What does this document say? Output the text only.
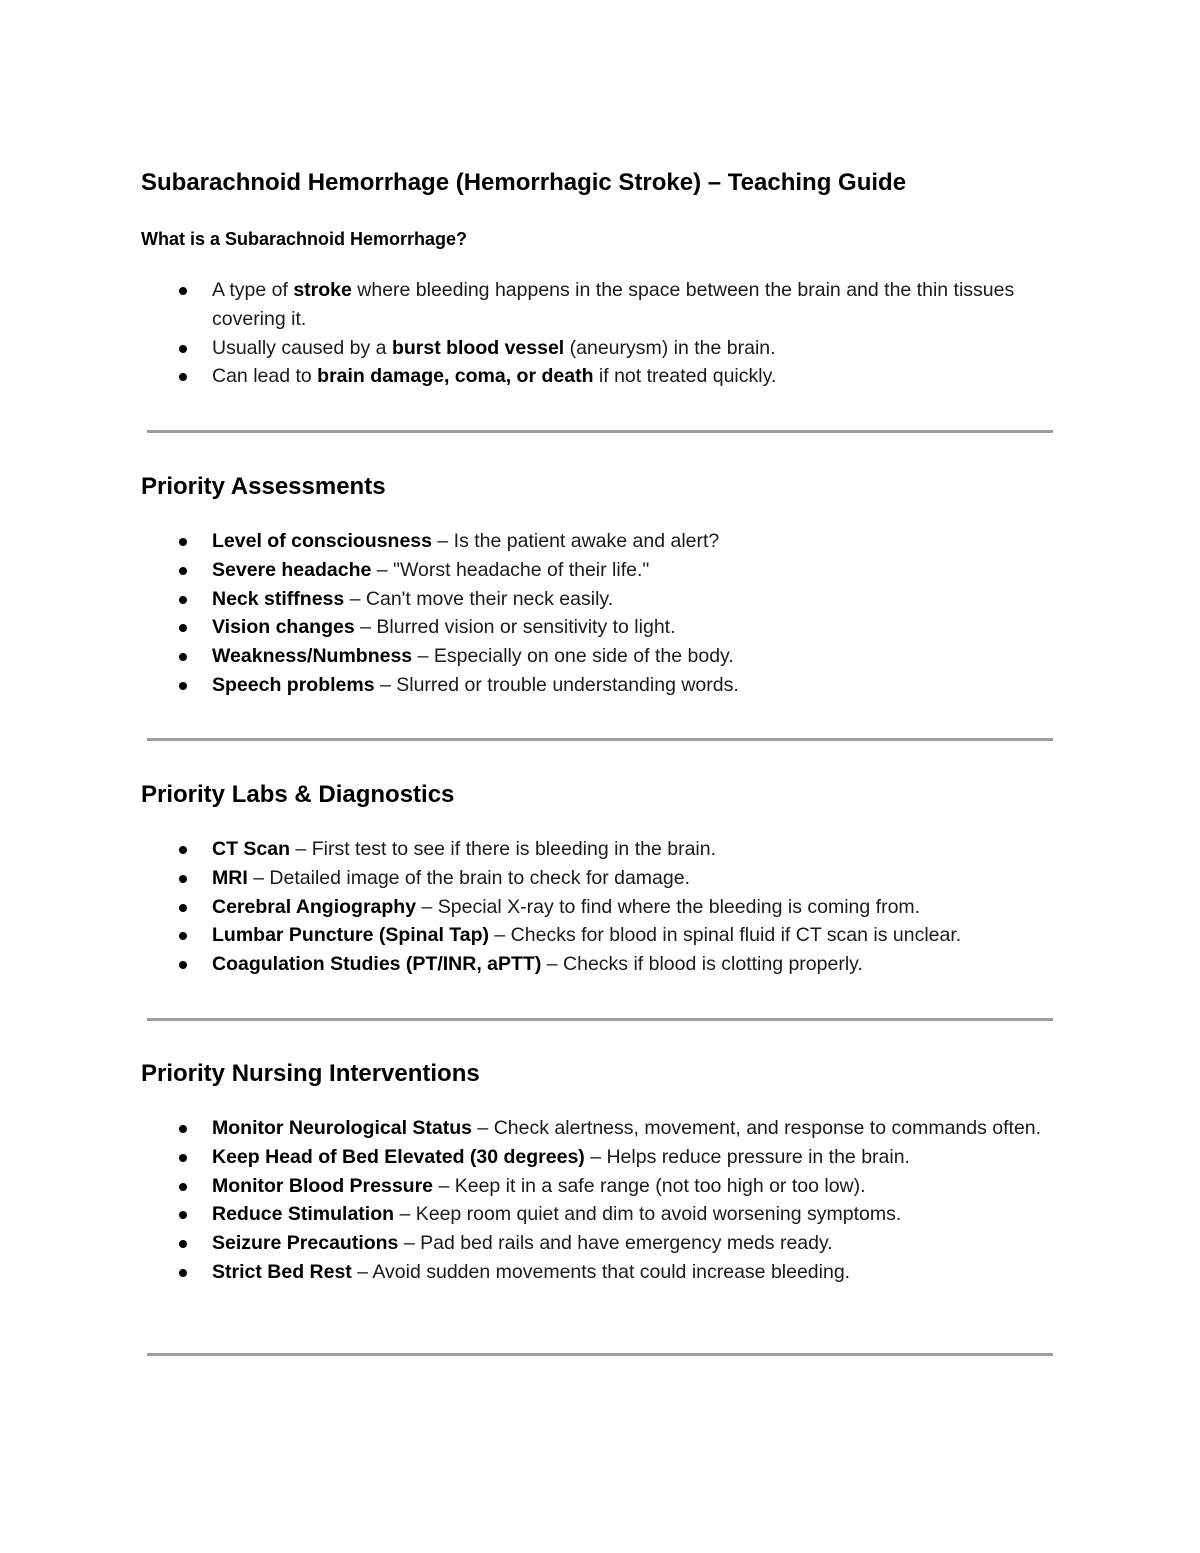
Subarachnoid Hemorrhage (Hemorrhagic Stroke) – Teaching Guide
What is a Subarachnoid Hemorrhage?
A type of stroke where bleeding happens in the space between the brain and the thin tissues covering it.
Usually caused by a burst blood vessel (aneurysm) in the brain.
Can lead to brain damage, coma, or death if not treated quickly.
Priority Assessments
Level of consciousness – Is the patient awake and alert?
Severe headache – "Worst headache of their life."
Neck stiffness – Can't move their neck easily.
Vision changes – Blurred vision or sensitivity to light.
Weakness/Numbness – Especially on one side of the body.
Speech problems – Slurred or trouble understanding words.
Priority Labs & Diagnostics
CT Scan – First test to see if there is bleeding in the brain.
MRI – Detailed image of the brain to check for damage.
Cerebral Angiography – Special X-ray to find where the bleeding is coming from.
Lumbar Puncture (Spinal Tap) – Checks for blood in spinal fluid if CT scan is unclear.
Coagulation Studies (PT/INR, aPTT) – Checks if blood is clotting properly.
Priority Nursing Interventions
Monitor Neurological Status – Check alertness, movement, and response to commands often.
Keep Head of Bed Elevated (30 degrees) – Helps reduce pressure in the brain.
Monitor Blood Pressure – Keep it in a safe range (not too high or too low).
Reduce Stimulation – Keep room quiet and dim to avoid worsening symptoms.
Seizure Precautions – Pad bed rails and have emergency meds ready.
Strict Bed Rest – Avoid sudden movements that could increase bleeding.
